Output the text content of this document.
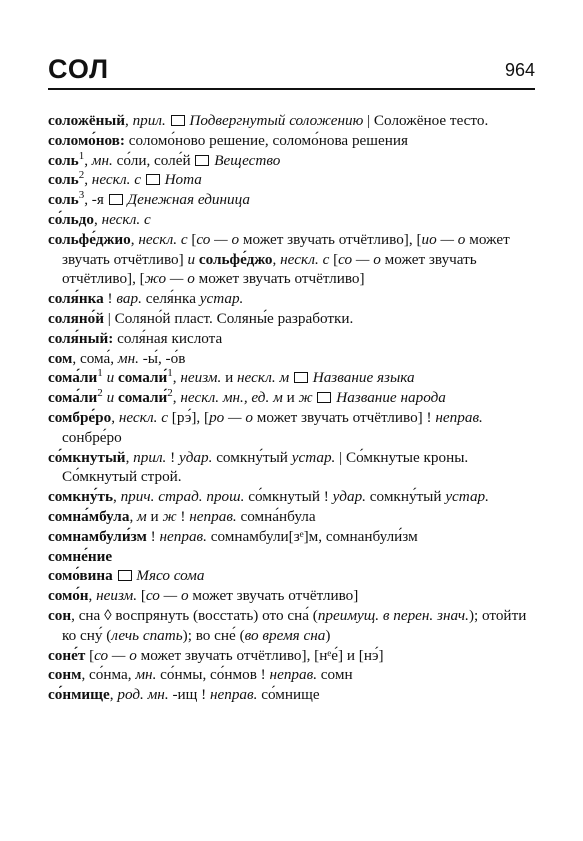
СОЛ	964

соложёный, прил.  Подвергнутый соложению | Соложёное тесто.

соломо́нов: соломо́ново решение, соломо́нова решения

соль$^1$, мн. со́ли, соле́й  Вещество

соль$^2$, нескл. с  Нота

соль$^3$, -я  Денежная единица

со́льдо, нескл. с

сольфе́джио, нескл. с [со — о может звучать отчётливо], [ио — о может звучать отчётливо] и сольфе́джо, нескл. с [со — о может звучать отчётливо], [жо — о может звучать отчётливо]

соля́нка ! вар. селя́нка устар.

соляно́й | Соляно́й пласт. Соляны́е разработки.

соля́ный: соля́ная кислота

сом, сома́, мн. -ы́, -о́в

$сома́ли^1$ и сомали́$^1$, неизм. и нескл. м  Название языка

$сома́ли^2$ и сомали́$^2$, нескл. мн., ед. м и ж  Название народа

сомбре́ро, нескл. с [рэ́], [ро — о может звучать отчётливо] ! неправ. сонбре́ро

со́мкнутый, прил. ! удар. сомкну́тый устар. | Со́мкнутые кроны. Со́мкнутый строй.

сомкну́ть, прич. страд. прош. со́мкнутый ! удар. сомкну́тый устар.

сомна́мбула, м и ж ! неправ. сомна́нбула

сомнамбули́зм ! неправ. сомнамбули[зᵉ]м, сомнанбули́зм

сомне́ние

сомо́вина  Мясо сома

сомо́н, неизм. [со — о может звучать отчётливо]

сон, сна ◊ воспрянуть (восстать) ото сна́ (преимущ. в перен. знач.); отойти ко сну́ (лечь спать); во сне́ (во время сна)

соне́т [со — о может звучать отчётливо], [нᵉе́] и [нэ́]

сонм, со́нма, мн. со́нмы, со́нмов ! неправ. сомн

со́нмище, род. мн. -ищ ! неправ. со́мнище
